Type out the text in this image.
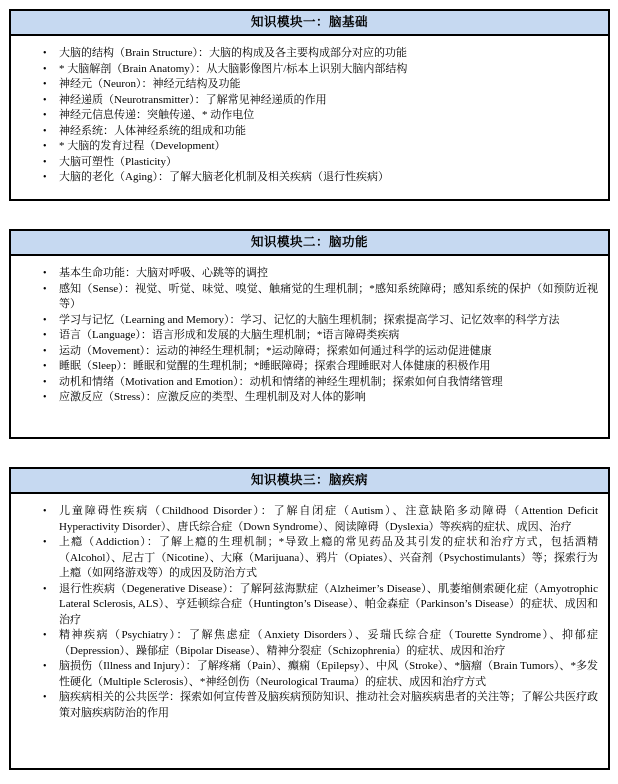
知识模块一：脑基础
• 大脑的结构（Brain Structure）：大脑的构成及各主要构成部分对应的功能
• * 大脑解剖（Brain Anatomy）：从大脑影像图片/标本上识别大脑内部结构
• 神经元（Neuron）：神经元结构及功能
• 神经递质（Neurotransmitter）：了解常见神经递质的作用
• 神经元信息传递：突触传递、* 动作电位
• 神经系统：人体神经系统的组成和功能
• * 大脑的发育过程（Development）
• 大脑可塑性（Plasticity）
• 大脑的老化（Aging）：了解大脑老化机制及相关疾病（退行性疾病）
知识模块二：脑功能
• 基本生命功能：大脑对呼吸、心跳等的调控
• 感知（Sense）：视觉、听觉、味觉、嗅觉、触痛觉的生理机制；*感知系统障碍；感知系统的保护（如预防近视等）
• 学习与记忆（Learning and Memory）：学习、记忆的大脑生理机制；探索提高学习、记忆效率的科学方法
• 语言（Language）：语言形成和发展的大脑生理机制；*语言障碍类疾病
• 运动（Movement）：运动的神经生理机制；*运动障碍；探索如何通过科学的运动促进健康
• 睡眠（Sleep）：睡眠和觉醒的生理机制；*睡眠障碍；探索合理睡眠对人体健康的积极作用
• 动机和情绪（Motivation and Emotion）：动机和情绪的神经生理机制；探索如何自我情绪管理
• 应激反应（Stress）：应激反应的类型、生理机制及对人体的影响
知识模块三：脑疾病
• 儿童障碍性疾病（Childhood Disorder）：了解自闭症（Autism）、注意缺陷多动障碍（Attention Deficit Hyperactivity Disorder）、唐氏综合症（Down Syndrome）、阅读障碍（Dyslexia）等疾病的症状、成因、治疗
• 上瘾（Addiction）：了解上瘾的生理机制；*导致上瘾的常见药品及其引发的症状和治疗方式，包括酒精（Alcohol）、尼古丁（Nicotine）、大麻（Marijuana）、鸦片（Opiates）、兴奋剂（Psychostimulants）等；探索行为上瘾（如网络游戏等）的成因及防治方式
• 退行性疾病（Degenerative Disease）：了解阿兹海默症（Alzheimer’s Disease）、肌萎缩侧索硬化症（Amyotrophic Lateral Sclerosis, ALS）、亨廷顿综合症（Huntington’s Disease）、帕金森症（Parkinson’s Disease）的症状、成因和治疗
• 精神疾病（Psychiatry）：了解焦虑症（Anxiety Disorders）、妥瑞氏综合症（Tourette Syndrome）、抑郁症（Depression）、躁郁症（Bipolar Disease）、精神分裂症（Schizophrenia）的症状、成因和治疗
• 脑损伤（Illness and Injury）：了解疼痛（Pain）、癫痫（Epilepsy）、中风（Stroke）、*脑瘤（Brain Tumors）、*多发性硬化（Multiple Sclerosis）、*神经创伤（Neurological Trauma）的症状、成因和治疗方式
• 脑疾病相关的公共医学：探索如何宣传普及脑疾病预防知识、推动社会对脑疾病患者的关注等；了解公共医疗政策对脑疾病防治的作用
